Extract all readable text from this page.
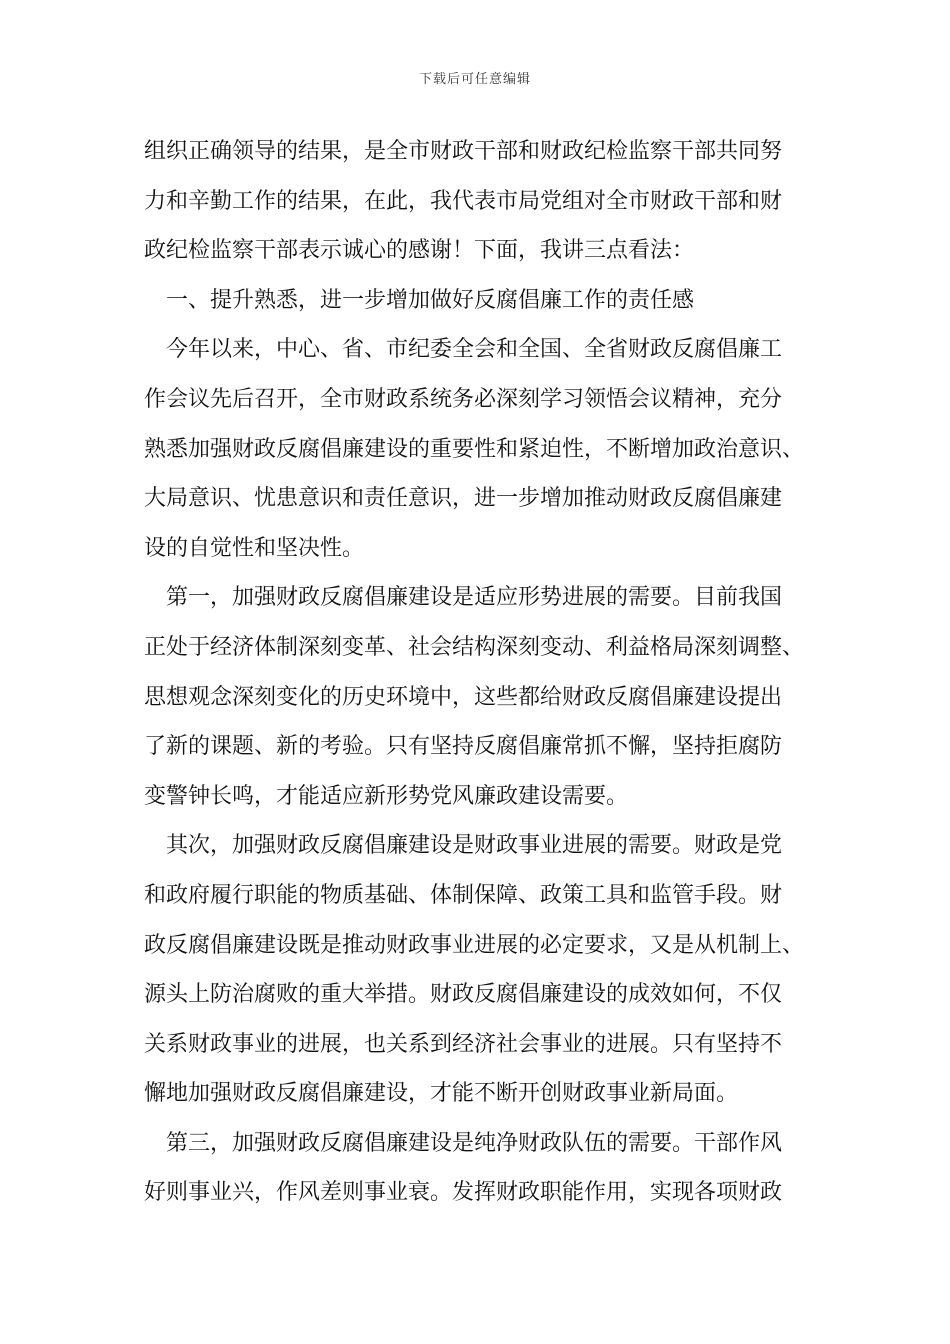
下载后可任意编辑
组织正确领导的结果，是全市财政干部和财政纪检监察干部共同努
力和辛勤工作的结果，在此，我代表市局党组对全市财政干部和财
政纪检监察干部表示诚心的感谢！下面，我讲三点看法：
一、提升熟悉，进一步增加做好反腐倡廉工作的责任感
今年以来，中心、省、市纪委全会和全国、全省财政反腐倡廉工
作会议先后召开，全市财政系统务必深刻学习领悟会议精神，充分
熟悉加强财政反腐倡廉建设的重要性和紧迫性，不断增加政治意识、
大局意识、忧患意识和责任意识，进一步增加推动财政反腐倡廉建
设的自觉性和坚决性。
第一，加强财政反腐倡廉建设是适应形势进展的需要。目前我国
正处于经济体制深刻变革、社会结构深刻变动、利益格局深刻调整、
思想观念深刻变化的历史环境中，这些都给财政反腐倡廉建设提出
了新的课题、新的考验。只有坚持反腐倡廉常抓不懈，坚持拒腐防
变警钟长鸣，才能适应新形势党风廉政建设需要。
其次，加强财政反腐倡廉建设是财政事业进展的需要。财政是党
和政府履行职能的物质基础、体制保障、政策工具和监管手段。财
政反腐倡廉建设既是推动财政事业进展的必定要求，又是从机制上、
源头上防治腐败的重大举措。财政反腐倡廉建设的成效如何，不仅
关系财政事业的进展，也关系到经济社会事业的进展。只有坚持不
懈地加强财政反腐倡廉建设，才能不断开创财政事业新局面。
第三，加强财政反腐倡廉建设是纯净财政队伍的需要。干部作风
好则事业兴，作风差则事业衰。发挥财政职能作用，实现各项财政
